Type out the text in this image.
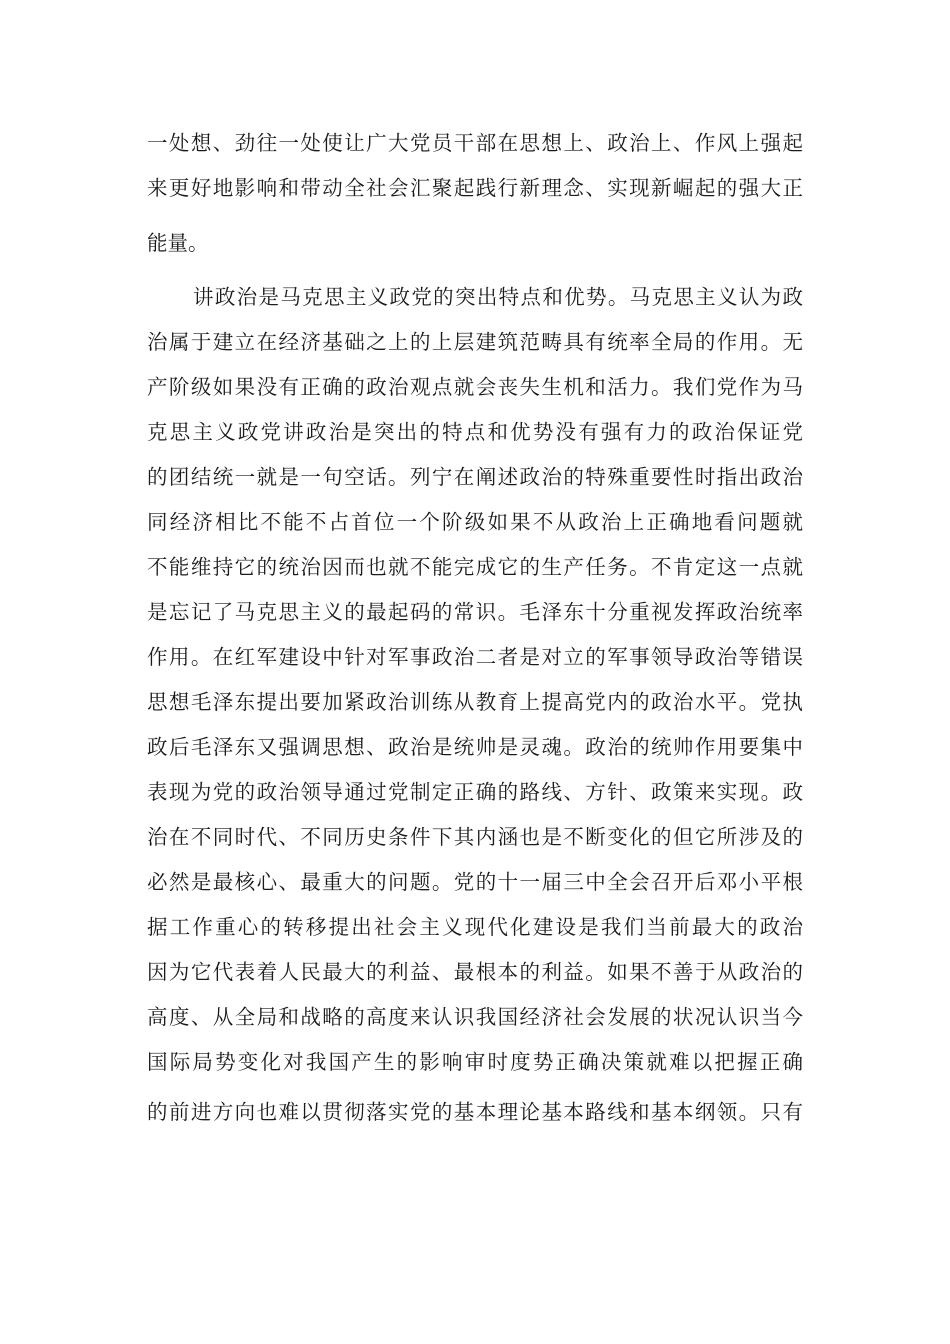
一处想、劲往一处使让广大党员干部在思想上、政治上、作风上强起
来更好地影响和带动全社会汇聚起践行新理念、实现新崛起的强大正
能量。
讲政治是马克思主义政党的突出特点和优势。马克思主义认为政
治属于建立在经济基础之上的上层建筑范畴具有统率全局的作用。无
产阶级如果没有正确的政治观点就会丧失生机和活力。我们党作为马
克思主义政党讲政治是突出的特点和优势没有强有力的政治保证党
的团结统一就是一句空话。列宁在阐述政治的特殊重要性时指出政治
同经济相比不能不占首位一个阶级如果不从政治上正确地看问题就
不能维持它的统治因而也就不能完成它的生产任务。不肯定这一点就
是忘记了马克思主义的最起码的常识。毛泽东十分重视发挥政治统率
作用。在红军建设中针对军事政治二者是对立的军事领导政治等错误
思想毛泽东提出要加紧政治训练从教育上提高党内的政治水平。党执
政后毛泽东又强调思想、政治是统帅是灵魂。政治的统帅作用要集中
表现为党的政治领导通过党制定正确的路线、方针、政策来实现。政
治在不同时代、不同历史条件下其内涵也是不断变化的但它所涉及的
必然是最核心、最重大的问题。党的十一届三中全会召开后邓小平根
据工作重心的转移提出社会主义现代化建设是我们当前最大的政治
因为它代表着人民最大的利益、最根本的利益。如果不善于从政治的
高度、从全局和战略的高度来认识我国经济社会发展的状况认识当今
国际局势变化对我国产生的影响审时度势正确决策就难以把握正确
的前进方向也难以贯彻落实党的基本理论基本路线和基本纲领。只有
